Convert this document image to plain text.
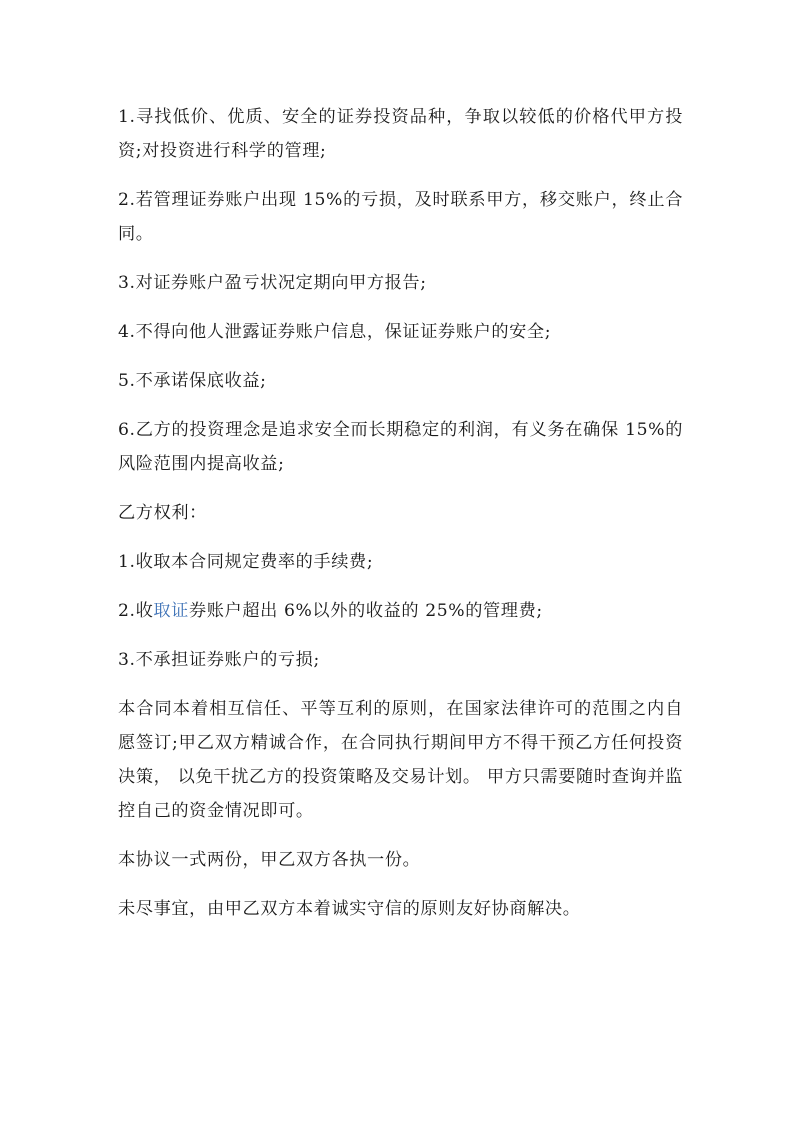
1.寻找低价、优质、安全的证券投资品种，争取以较低的价格代甲方投资;对投资进行科学的管理;

2.若管理证券账户出现 15%的亏损，及时联系甲方，移交账户，终止合同。

3.对证券账户盈亏状况定期向甲方报告;

4.不得向他人泄露证券账户信息，保证证券账户的安全;

5.不承诺保底收益;

6.乙方的投资理念是追求安全而长期稳定的利润，有义务在确保 15%的风险范围内提高收益;

乙方权利：

1.收取本合同规定费率的手续费;

2.收取证券账户超出 6%以外的收益的 25%的管理费;

3.不承担证券账户的亏损;

本合同本着相互信任、平等互利的原则，在国家法律许可的范围之内自愿签订;甲乙双方精诚合作，在合同执行期间甲方不得干预乙方任何投资决策， 以免干扰乙方的投资策略及交易计划。 甲方只需要随时查询并监控自己的资金情况即可。

本协议一式两份，甲乙双方各执一份。

未尽事宜，由甲乙双方本着诚实守信的原则友好协商解决。
